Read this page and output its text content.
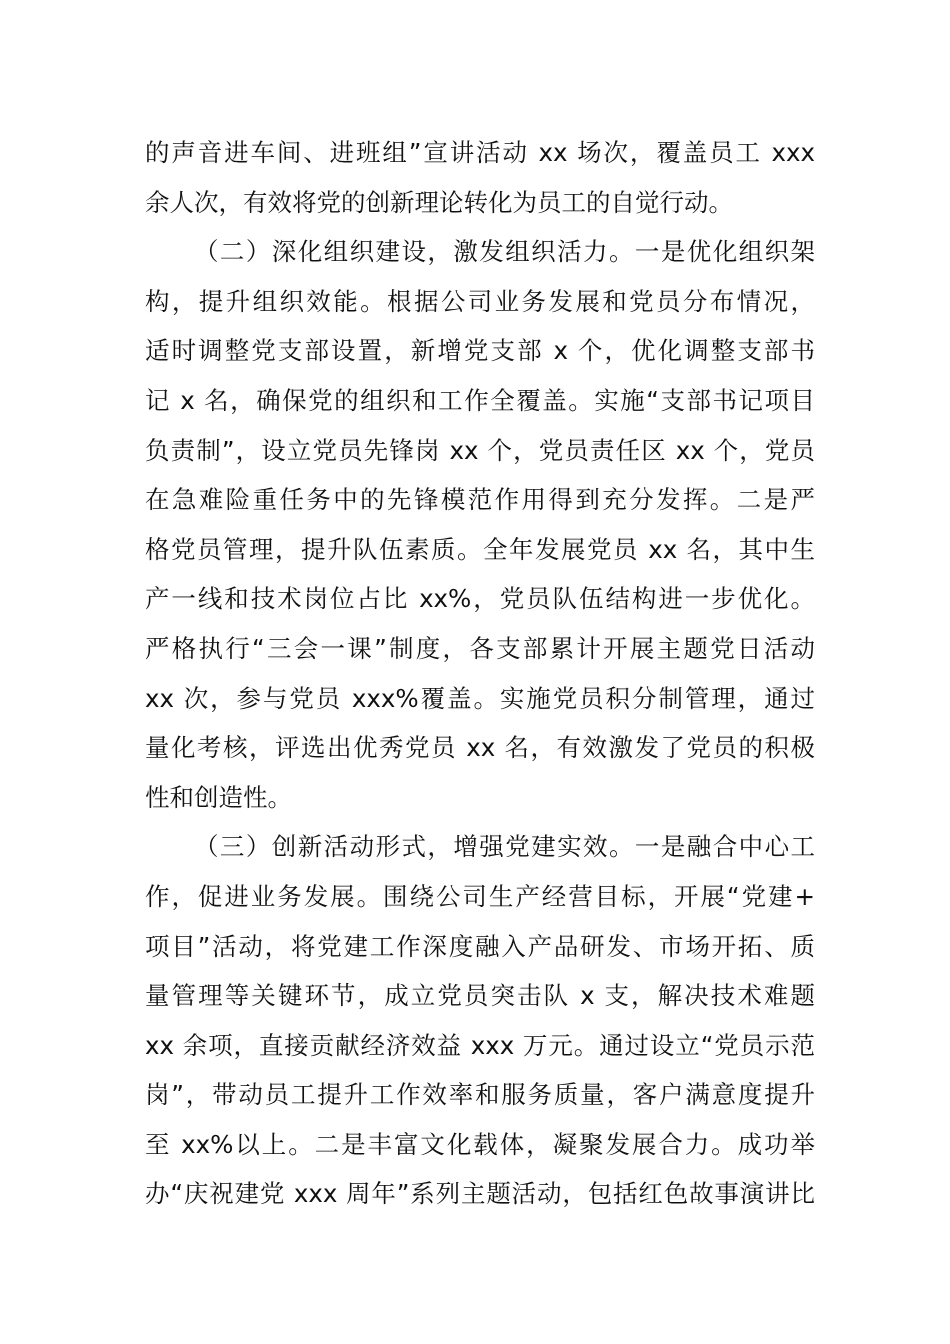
的声音进车间、进班组”宣讲活动 xx 场次，覆盖员工 xxx
余人次，有效将党的创新理论转化为员工的自觉行动。
（二）深化组织建设，激发组织活力。一是优化组织架
构，提升组织效能。根据公司业务发展和党员分布情况，
适时调整党支部设置，新增党支部 x 个，优化调整支部书
记 x 名，确保党的组织和工作全覆盖。实施“支部书记项目
负责制”，设立党员先锋岗 xx 个，党员责任区 xx 个，党员
在急难险重任务中的先锋模范作用得到充分发挥。二是严
格党员管理，提升队伍素质。全年发展党员 xx 名，其中生
产一线和技术岗位占比 xx%，党员队伍结构进一步优化。
严格执行“三会一课”制度，各支部累计开展主题党日活动
xx 次，参与党员 xxx%覆盖。实施党员积分制管理，通过
量化考核，评选出优秀党员 xx 名，有效激发了党员的积极
性和创造性。
（三）创新活动形式，增强党建实效。一是融合中心工
作，促进业务发展。围绕公司生产经营目标，开展“党建+
项目”活动，将党建工作深度融入产品研发、市场开拓、质
量管理等关键环节，成立党员突击队 x 支，解决技术难题
xx 余项，直接贡献经济效益 xxx 万元。通过设立“党员示范
岗”，带动员工提升工作效率和服务质量，客户满意度提升
至 xx%以上。二是丰富文化载体，凝聚发展合力。成功举
办“庆祝建党 xxx 周年”系列主题活动，包括红色故事演讲比
